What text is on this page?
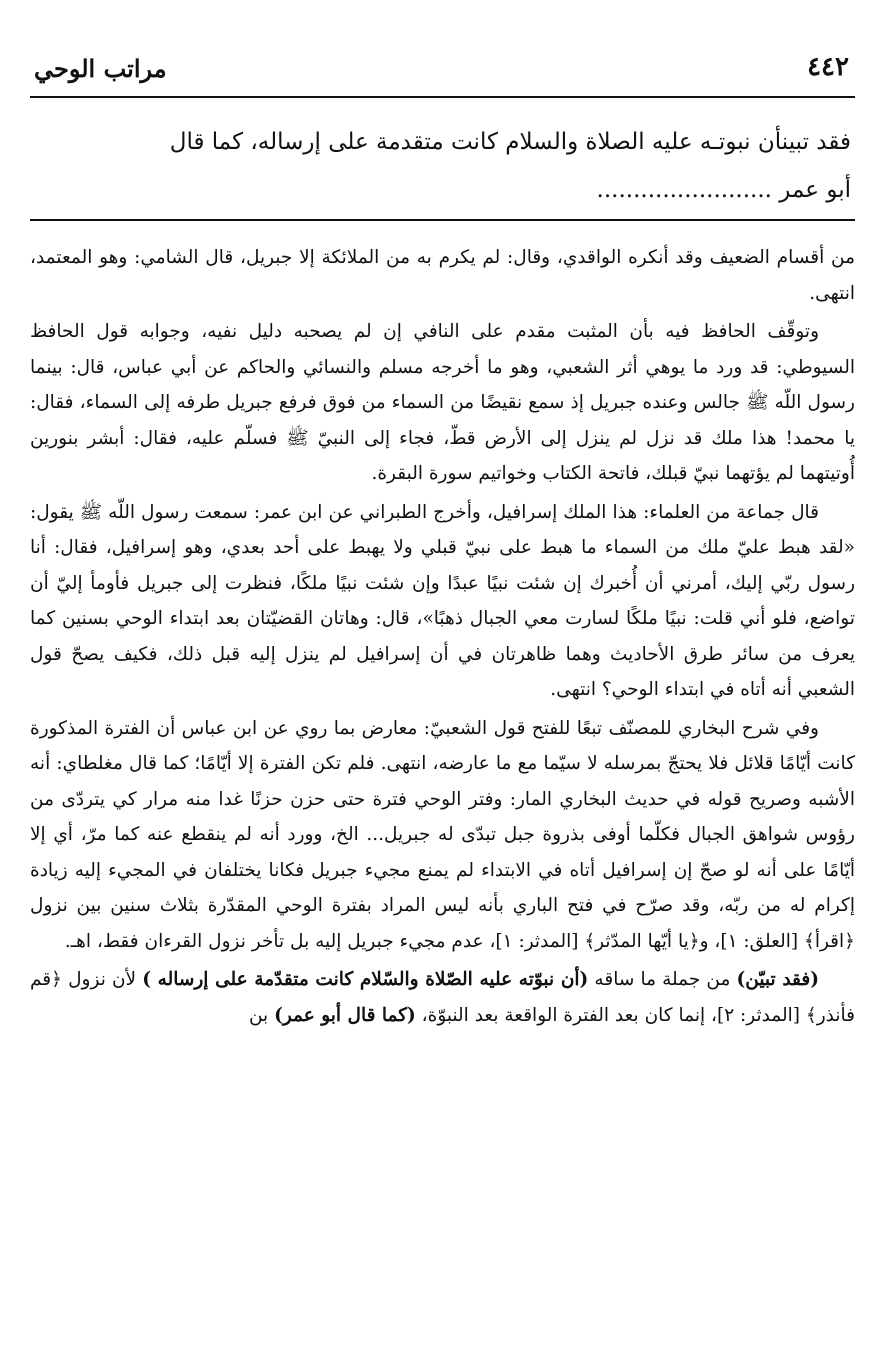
٤٤٢
مراتب الوحي
فقد تبينأن نبوتـه عليه الصلاة والسلام كانت متقدمة على إرساله، كما قال
أبو عمر ........................

من أقسام الضعيف وقد أنكره الواقدي، وقال: لم يكرم به من الملائكة إلا جبريل، قال الشامي: وهو المعتمد، انتهى.

وتوقّف الحافظ فيه بأن المثبت مقدم على النافي إن لم يصحبه دليل نفيه، وجوابه قول الحافظ السيوطي: قد ورد ما يوهي أثر الشعبي، وهو ما أخرجه مسلم والنسائي والحاكم عن أبي عباس، قال: بينما رسول اللّه ﷺ جالس وعنده جبريل إذ سمع نقيضًا من السماء من فوق فرفع جبريل طرفه إلى السماء، فقال: يا محمد! هذا ملك قد نزل لم ينزل إلى الأرض قطّ، فجاء إلى النبيّ ﷺ فسلّم عليه، فقال: أبشر بنورين أُوتيتهما لم يؤتهما نبيّ قبلك، فاتحة الكتاب وخواتيم سورة البقرة.

قال جماعة من العلماء: هذا الملك إسرافيل، وأخرج الطبراني عن ابن عمر: سمعت رسول اللّه ﷺ يقول: «لقد هبط عليّ ملك من السماء ما هبط على نبيّ قبلي ولا يهبط على أحد بعدي، وهو إسرافيل، فقال: أنا رسول ربّي إليك، أمرني أن أُخبرك إن شئت نبيًا عبدًا وإن شئت نبيًا ملكًا، فنظرت إلى جبريل فأومأ إليّ أن تواضع، فلو أني قلت: نبيًا ملكًا لسارت معي الجبال ذهبًا»، قال: وهاتان القضيّتان بعد ابتداء الوحي بسنين كما يعرف من سائر طرق الأحاديث وهما ظاهرتان في أن إسرافيل لم ينزل إليه قبل ذلك، فكيف يصحّ قول الشعبي أنه أتاه في ابتداء الوحي؟ انتهى.

وفي شرح البخاري للمصنّف تبعًا للفتح قول الشعبيّ: معارض بما روي عن ابن عباس أن الفترة المذكورة كانت أيّامًا قلائل فلا يحتجّ بمرسله لا سيّما مع ما عارضه، انتهى. فلم تكن الفترة إلا أيّامًا؛ كما قال مغلطاي: أنه الأشبه وصريح قوله في حديث البخاري المار: وفتر الوحي فترة حتى حزن حزنًا غدا منه مرار كي يتردّى من رؤوس شواهق الجبال فكلّما أوفى بذروة جبل تبدّى له جبريل... الخ، وورد أنه لم ينقطع عنه كما مرّ، أي إلا أيّامًا على أنه لو صحّ إن إسرافيل أتاه في الابتداء لم يمنع مجيء جبريل فكانا يختلفان في المجيء إليه زيادة إكرام له من ربّه، وقد صرّح في فتح الباري بأنه ليس المراد بفترة الوحي المقدّرة بثلاث سنين بين نزول ﴿اقرأ﴾ [العلق: ١]، و﴿يا أيّها المدّثر﴾ [المدثر: ١]، عدم مجيء جبريل إليه بل تأخر نزول القرءان فقط، اهـ.

(فقد تبيّن) من جملة ما ساقه (أن نبوّته عليه الصّلاة والسّلام كانت متقدّمة على إرساله ) لأن نزول ﴿قم فأنذر﴾ [المدثر: ٢]، إنما كان بعد الفترة الواقعة بعد النبوّة، (كما قال أبو عمر) بن
